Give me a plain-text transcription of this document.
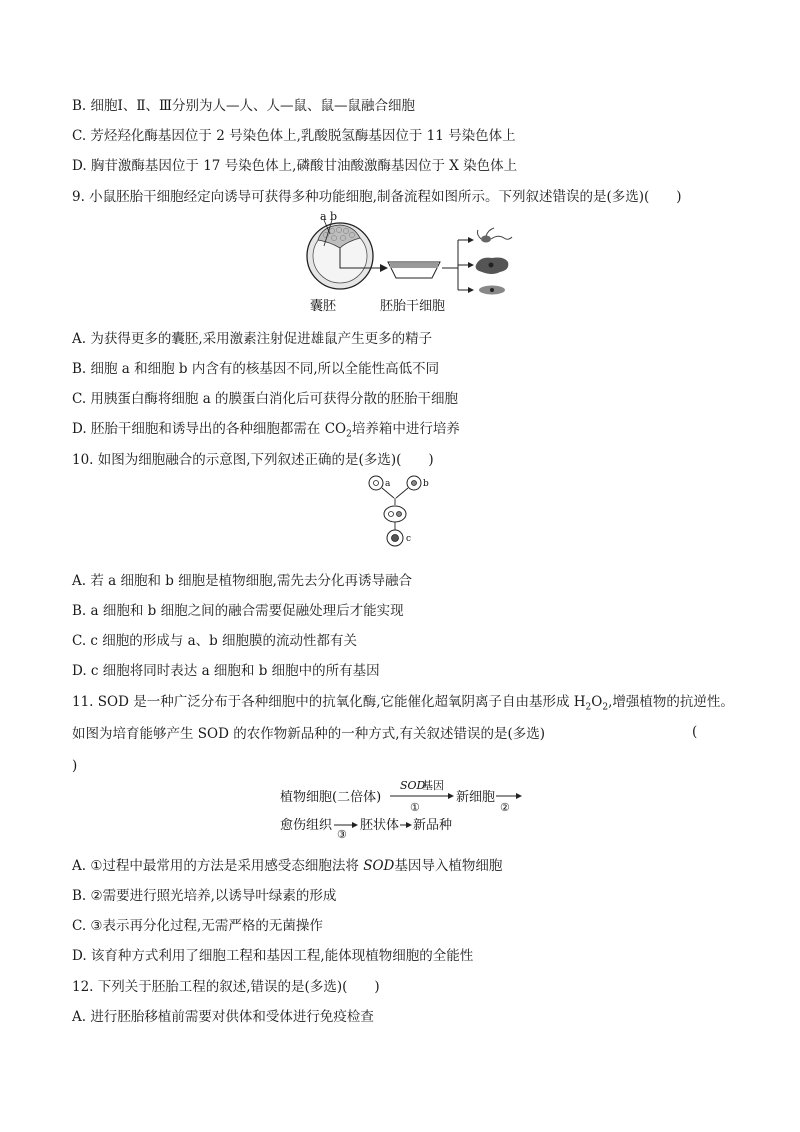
B. 细胞Ⅰ、Ⅱ、Ⅲ分别为人—人、人—鼠、鼠—鼠融合细胞
C. 芳烃羟化酶基因位于 2 号染色体上,乳酸脱氢酶基因位于 11 号染色体上
D. 胸苷激酶基因位于 17 号染色体上,磷酸甘油酸激酶基因位于 X 染色体上
9. 小鼠胚胎干细胞经定向诱导可获得多种功能细胞,制备流程如图所示。下列叙述错误的是(多选)(　　)
a b
囊胚	胚胎干细胞
A. 为获得更多的囊胚,采用激素注射促进雄鼠产生更多的精子
B. 细胞 a 和细胞 b 内含有的核基因不同,所以全能性高低不同
C. 用胰蛋白酶将细胞 a 的膜蛋白消化后可获得分散的胚胎干细胞
D. 胚胎干细胞和诱导出的各种细胞都需在 $CO_2$培养箱中进行培养
10. 如图为细胞融合的示意图,下列叙述正确的是(多选)(　　)
a	b
c
A. 若 a 细胞和 b 细胞是植物细胞,需先去分化再诱导融合
B. a 细胞和 b 细胞之间的融合需要促融处理后才能实现
C. c 细胞的形成与 a、b 细胞膜的流动性都有关
D. c 细胞将同时表达 a 细胞和 b 细胞中的所有基因
11. SOD 是一种广泛分布于各种细胞中的抗氧化酶,它能催化超氧阴离子自由基形成 $H_2O_2$,增强植物的抗逆性。
如图为培育能够产生 SOD 的农作物新品种的一种方式,有关叙述错误的是(多选)	(
)
植物细胞(二倍体)
SOD
基因
①
新细胞
②
愈伤组织
③
胚状体 新品种
A. ①过程中最常用的方法是采用感受态细胞法将 SOD基因导入植物细胞
B. ②需要进行照光培养,以诱导叶绿素的形成
C. ③表示再分化过程,无需严格的无菌操作
D. 该育种方式利用了细胞工程和基因工程,能体现植物细胞的全能性
12. 下列关于胚胎工程的叙述,错误的是(多选)(　　)
A. 进行胚胎移植前需要对供体和受体进行免疫检查
